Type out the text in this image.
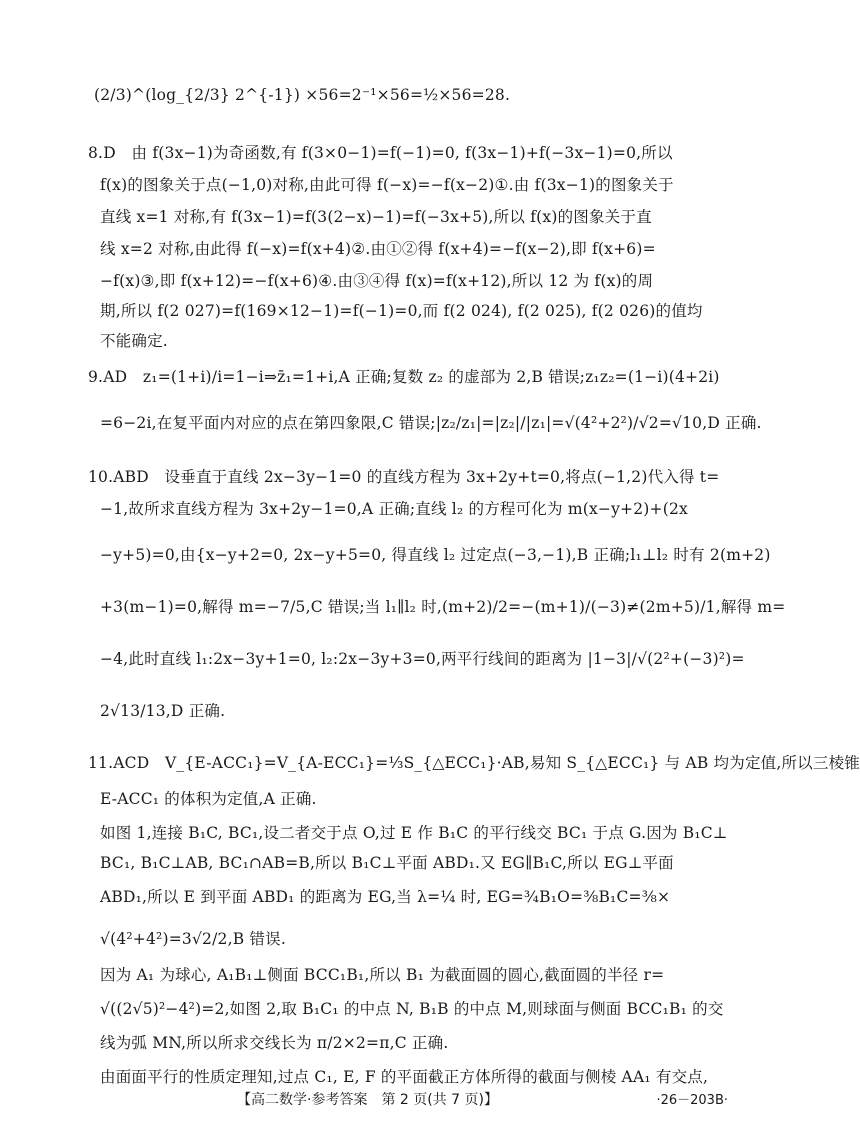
(2/3)^(log_{2/3} 2^{-1}) ×56=2⁻¹×56=½×56=28.
8.D　由 f(3x−1)为奇函数,有 f(3×0−1)=f(−1)=0, f(3x−1)+f(−3x−1)=0,所以
f(x)的图象关于点(−1,0)对称,由此可得 f(−x)=−f(x−2)①.由 f(3x−1)的图象关于
直线 x=1 对称,有 f(3x−1)=f(3(2−x)−1)=f(−3x+5),所以 f(x)的图象关于直
线 x=2 对称,由此得 f(−x)=f(x+4)②.由①②得 f(x+4)=−f(x−2),即 f(x+6)=
−f(x)③,即 f(x+12)=−f(x+6)④.由③④得 f(x)=f(x+12),所以 12 为 f(x)的周
期,所以 f(2 027)=f(169×12−1)=f(−1)=0,而 f(2 024), f(2 025), f(2 026)的值均
不能确定.
9.AD　z₁=(1+i)/i=1−i⇒z̄₁=1+i,A 正确;复数 z₂ 的虚部为 2,B 错误;z₁z₂=(1−i)(4+2i)
=6−2i,在复平面内对应的点在第四象限,C 错误;|z₂/z₁|=|z₂|/|z₁|=√(4²+2²)/√2=√10,D 正确.
10.ABD　设垂直于直线 2x−3y−1=0 的直线方程为 3x+2y+t=0,将点(−1,2)代入得 t=
−1,故所求直线方程为 3x+2y−1=0,A 正确;直线 l₂ 的方程可化为 m(x−y+2)+(2x
−y+5)=0,由{x−y+2=0, 2x−y+5=0, 得直线 l₂ 过定点(−3,−1),B 正确;l₁⊥l₂ 时有 2(m+2)
+3(m−1)=0,解得 m=−7/5,C 错误;当 l₁∥l₂ 时,(m+2)/2=−(m+1)/(−3)≠(2m+5)/1,解得 m=
−4,此时直线 l₁:2x−3y+1=0, l₂:2x−3y+3=0,两平行线间的距离为 |1−3|/√(2²+(−3)²)=
2√13/13,D 正确.
11.ACD　V_{E-ACC₁}=V_{A-ECC₁}=⅓S_{△ECC₁}·AB,易知 S_{△ECC₁} 与 AB 均为定值,所以三棱锥
E-ACC₁ 的体积为定值,A 正确.
如图 1,连接 B₁C, BC₁,设二者交于点 O,过 E 作 B₁C 的平行线交 BC₁ 于点 G.因为 B₁C⊥
BC₁, B₁C⊥AB, BC₁∩AB=B,所以 B₁C⊥平面 ABD₁.又 EG∥B₁C,所以 EG⊥平面
ABD₁,所以 E 到平面 ABD₁ 的距离为 EG,当 λ=¼ 时, EG=¾B₁O=⅜B₁C=⅜×
√(4²+4²)=3√2/2,B 错误.
因为 A₁ 为球心, A₁B₁⊥侧面 BCC₁B₁,所以 B₁ 为截面圆的圆心,截面圆的半径 r=
√((2√5)²−4²)=2,如图 2,取 B₁C₁ 的中点 N, B₁B 的中点 M,则球面与侧面 BCC₁B₁ 的交
线为弧 MN,所以所求交线长为 π/2×2=π,C 正确.
由面面平行的性质定理知,过点 C₁, E, F 的平面截正方体所得的截面与侧棱 AA₁ 有交点,
【高二数学·参考答案　第 2 页(共 7 页)】	·26－203B·
